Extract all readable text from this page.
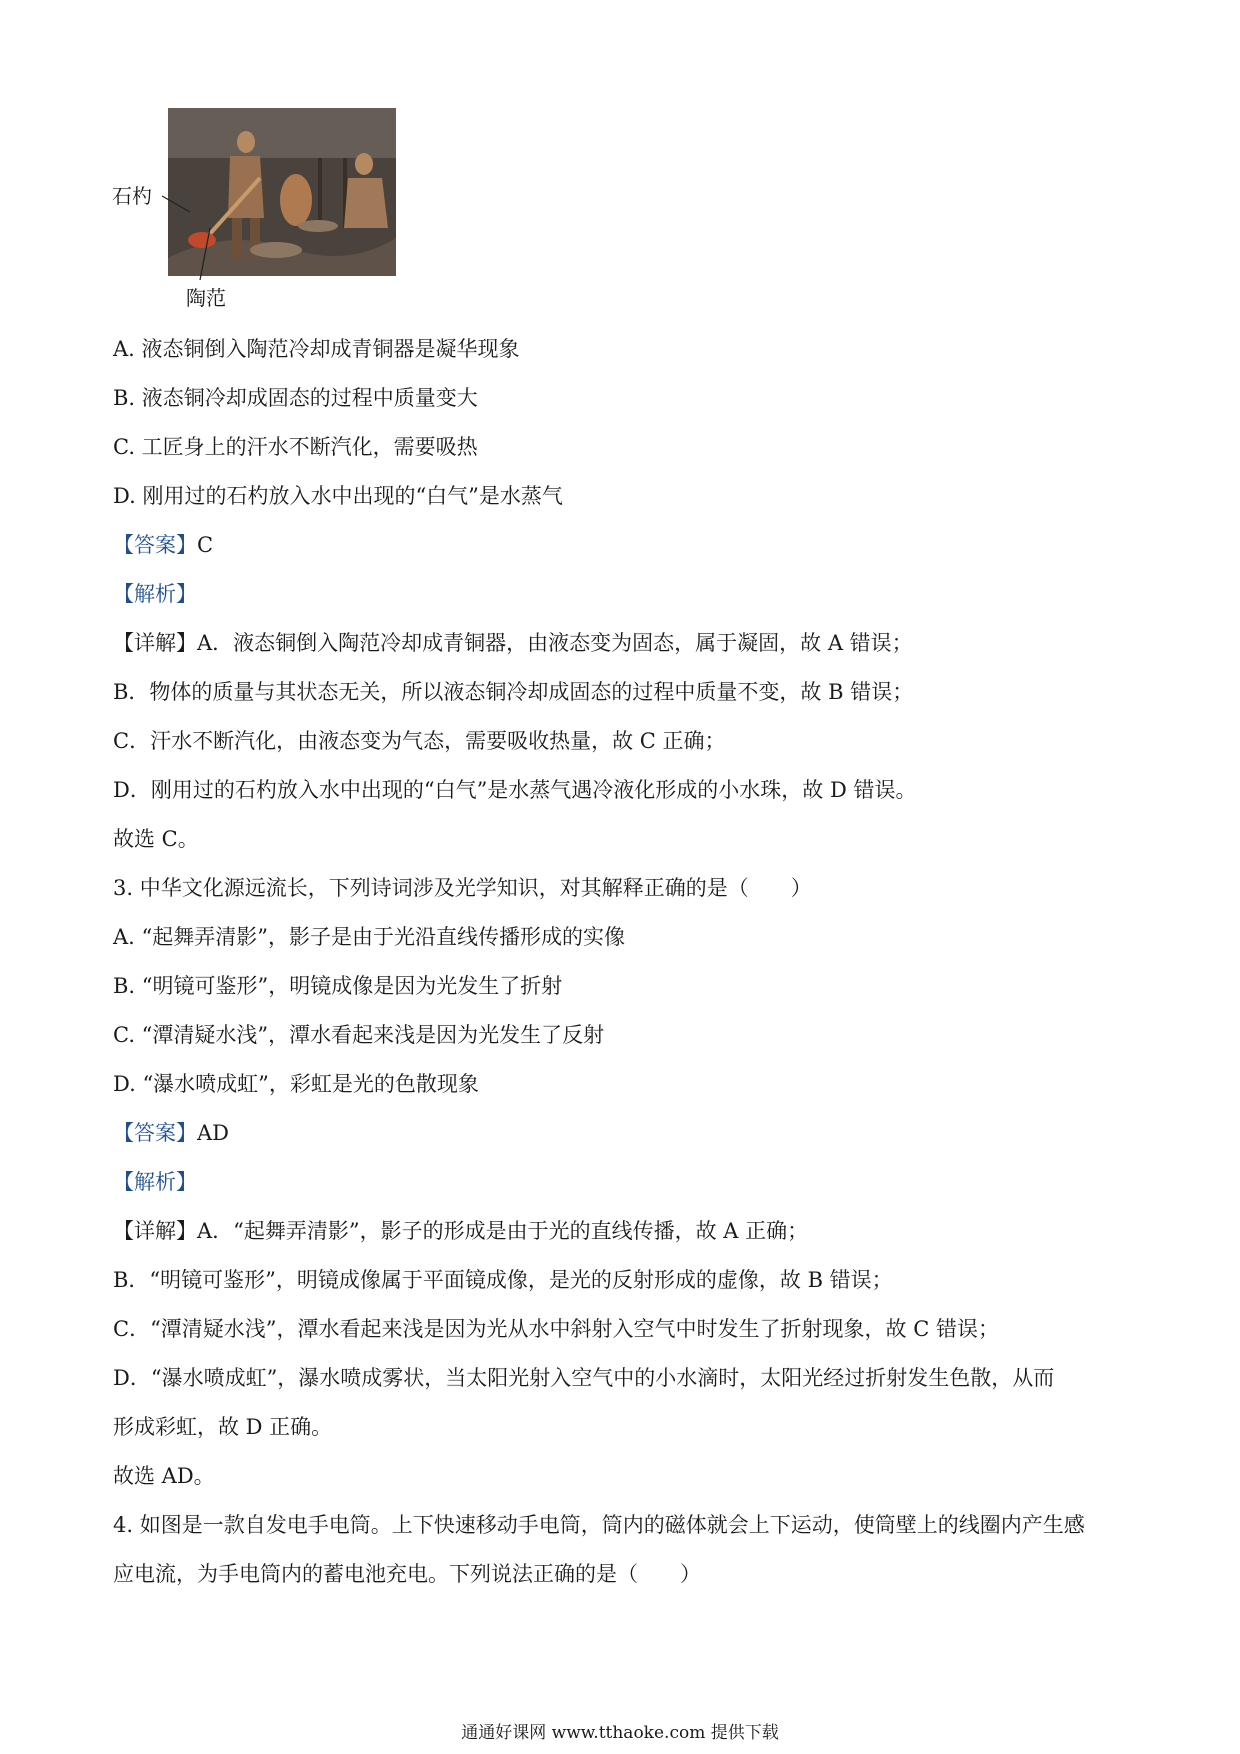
石杓
陶范
A. 液态铜倒入陶范冷却成青铜器是凝华现象
B. 液态铜冷却成固态的过程中质量变大
C. 工匠身上的汗水不断汽化，需要吸热
D. 刚用过的石杓放入水中出现的“白气”是水蒸气
【答案】C
【解析】
【详解】A．液态铜倒入陶范冷却成青铜器，由液态变为固态，属于凝固，故 A 错误；
B．物体的质量与其状态无关，所以液态铜冷却成固态的过程中质量不变，故 B 错误；
C．汗水不断汽化，由液态变为气态，需要吸收热量，故 C 正确；
D．刚用过的石杓放入水中出现的“白气”是水蒸气遇冷液化形成的小水珠，故 D 错误。
故选 C。
3. 中华文化源远流长，下列诗词涉及光学知识，对其解释正确的是（　　）
A. “起舞弄清影”，影子是由于光沿直线传播形成的实像
B. “明镜可鉴形”，明镜成像是因为光发生了折射
C. “潭清疑水浅”，潭水看起来浅是因为光发生了反射
D. “瀑水喷成虹”，彩虹是光的色散现象
【答案】AD
【解析】
【详解】A．“起舞弄清影”，影子的形成是由于光的直线传播，故 A 正确；
B．“明镜可鉴形”，明镜成像属于平面镜成像，是光的反射形成的虚像，故 B 错误；
C．“潭清疑水浅”，潭水看起来浅是因为光从水中斜射入空气中时发生了折射现象，故 C 错误；
D．“瀑水喷成虹”，瀑水喷成雾状，当太阳光射入空气中的小水滴时，太阳光经过折射发生色散，从而
形成彩虹，故 D 正确。
故选 AD。
4. 如图是一款自发电手电筒。上下快速移动手电筒，筒内的磁体就会上下运动，使筒壁上的线圈内产生感
应电流，为手电筒内的蓄电池充电。下列说法正确的是（　　）
通通好课网 www.tthaoke.com 提供下载
